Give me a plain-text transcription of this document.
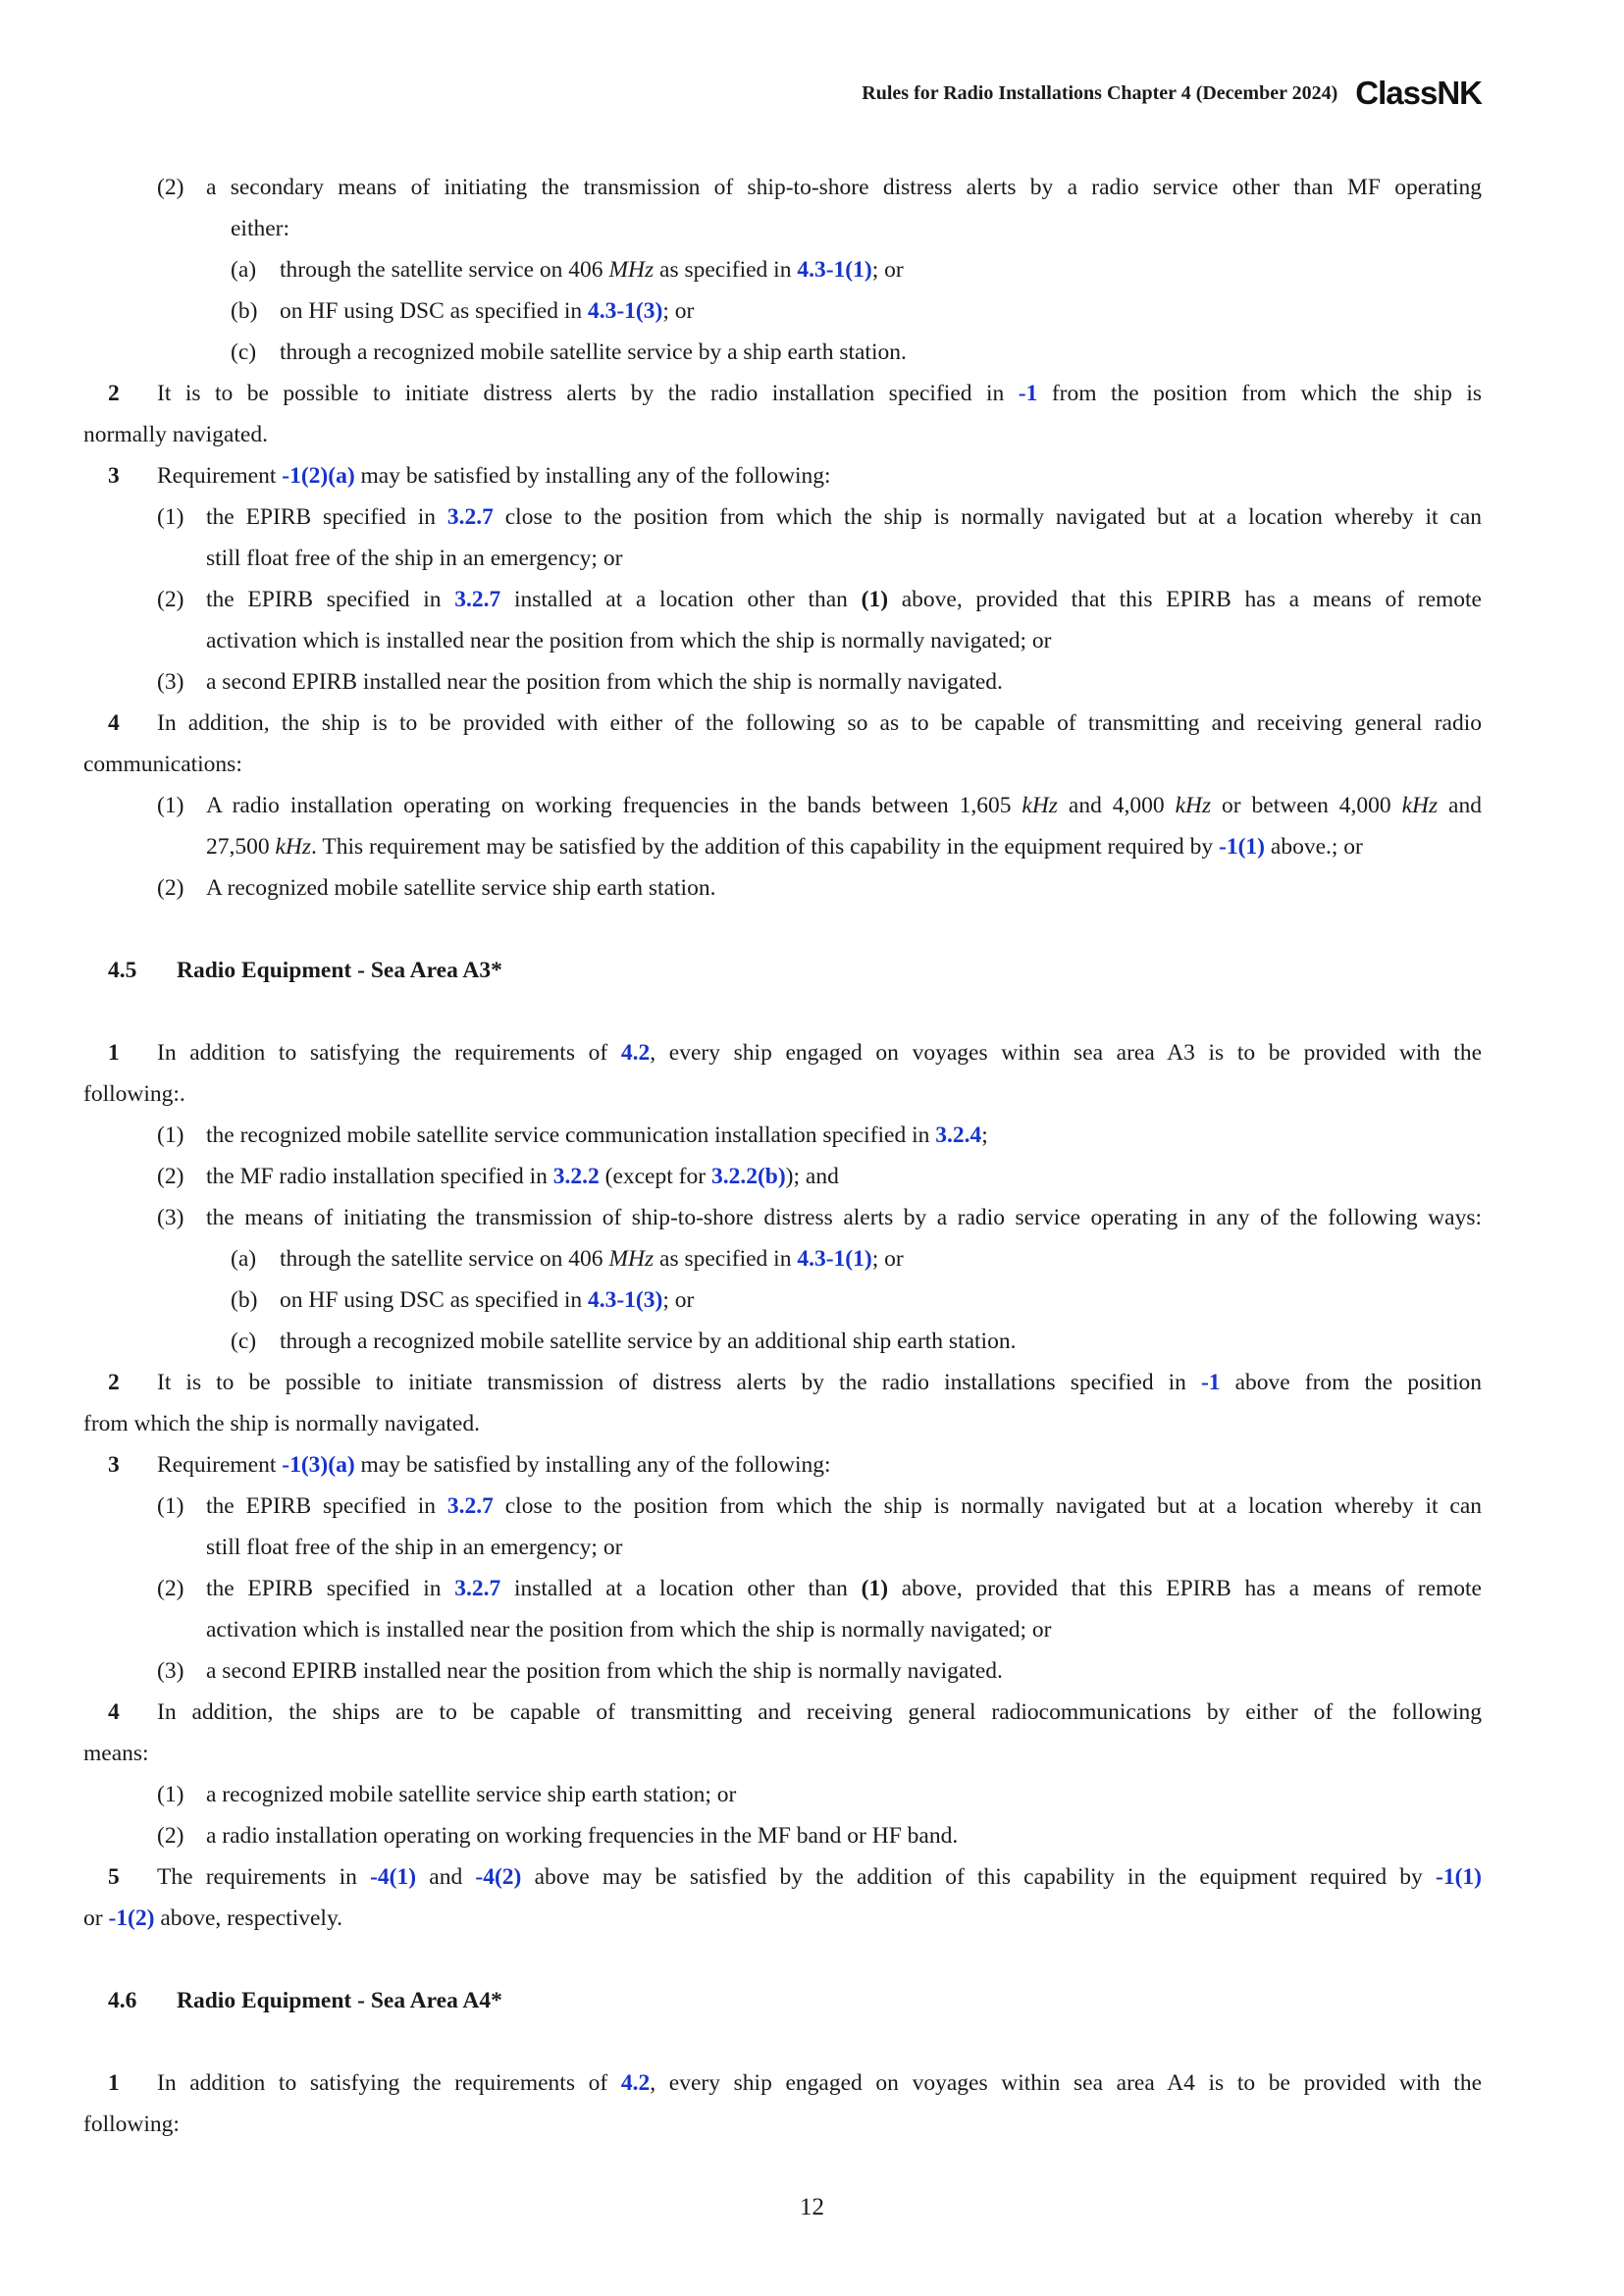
Rules for Radio Installations Chapter 4 (December 2024) ClassNK
(2) a secondary means of initiating the transmission of ship-to-shore distress alerts by a radio service other than MF operating
either:
(a) through the satellite service on 406 MHz as specified in 4.3-1(1); or
(b) on HF using DSC as specified in 4.3-1(3); or
(c) through a recognized mobile satellite service by a ship earth station.
2 It is to be possible to initiate distress alerts by the radio installation specified in -1 from the position from which the ship is
normally navigated.
3 Requirement -1(2)(a) may be satisfied by installing any of the following:
(1) the EPIRB specified in 3.2.7 close to the position from which the ship is normally navigated but at a location whereby it can
still float free of the ship in an emergency; or
(2) the EPIRB specified in 3.2.7 installed at a location other than (1) above, provided that this EPIRB has a means of remote
activation which is installed near the position from which the ship is normally navigated; or
(3) a second EPIRB installed near the position from which the ship is normally navigated.
4 In addition, the ship is to be provided with either of the following so as to be capable of transmitting and receiving general radio
communications:
(1) A radio installation operating on working frequencies in the bands between 1,605 kHz and 4,000 kHz or between 4,000 kHz and
27,500 kHz. This requirement may be satisfied by the addition of this capability in the equipment required by -1(1) above.; or
(2) A recognized mobile satellite service ship earth station.
4.5 Radio Equipment - Sea Area A3*
1 In addition to satisfying the requirements of 4.2, every ship engaged on voyages within sea area A3 is to be provided with the
following:.
(1) the recognized mobile satellite service communication installation specified in 3.2.4;
(2) the MF radio installation specified in 3.2.2 (except for 3.2.2(b)); and
(3) the means of initiating the transmission of ship-to-shore distress alerts by a radio service operating in any of the following ways:
(a) through the satellite service on 406 MHz as specified in 4.3-1(1); or
(b) on HF using DSC as specified in 4.3-1(3); or
(c) through a recognized mobile satellite service by an additional ship earth station.
2 It is to be possible to initiate transmission of distress alerts by the radio installations specified in -1 above from the position
from which the ship is normally navigated.
3 Requirement -1(3)(a) may be satisfied by installing any of the following:
(1) the EPIRB specified in 3.2.7 close to the position from which the ship is normally navigated but at a location whereby it can
still float free of the ship in an emergency; or
(2) the EPIRB specified in 3.2.7 installed at a location other than (1) above, provided that this EPIRB has a means of remote
activation which is installed near the position from which the ship is normally navigated; or
(3) a second EPIRB installed near the position from which the ship is normally navigated.
4 In addition, the ships are to be capable of transmitting and receiving general radiocommunications by either of the following
means:
(1) a recognized mobile satellite service ship earth station; or
(2) a radio installation operating on working frequencies in the MF band or HF band.
5 The requirements in -4(1) and -4(2) above may be satisfied by the addition of this capability in the equipment required by -1(1)
or -1(2) above, respectively.
4.6 Radio Equipment - Sea Area A4*
1 In addition to satisfying the requirements of 4.2, every ship engaged on voyages within sea area A4 is to be provided with the
following:
12
